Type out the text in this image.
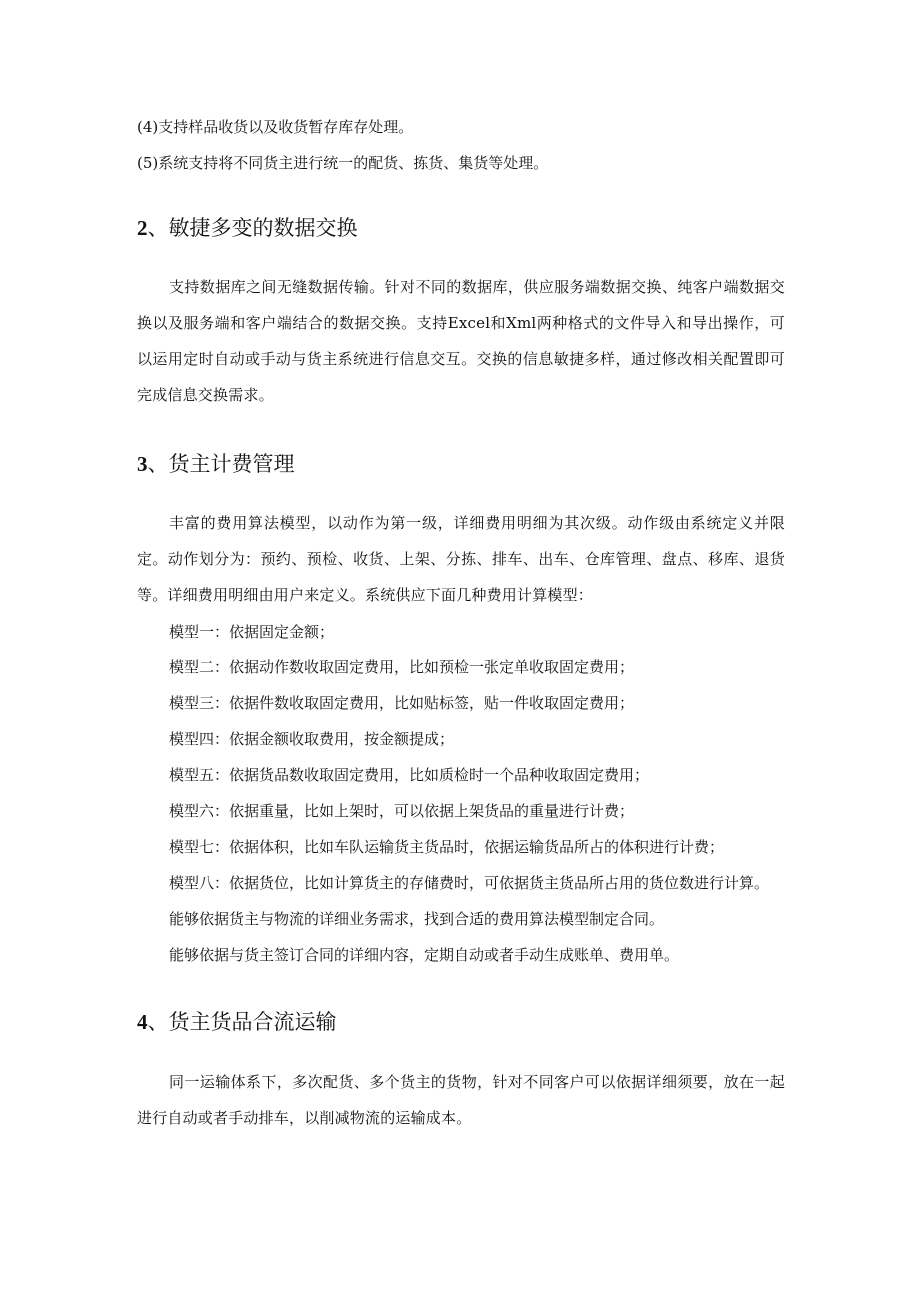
(4)支持样品收货以及收货暂存库存处理。
(5)系统支持将不同货主进行统一的配货、拣货、集货等处理。
2、敏捷多变的数据交换
支持数据库之间无缝数据传输。针对不同的数据库，供应服务端数据交换、纯客户端数据交换以及服务端和客户端结合的数据交换。支持Excel和Xml两种格式的文件导入和导出操作，可以运用定时自动或手动与货主系统进行信息交互。交换的信息敏捷多样，通过修改相关配置即可完成信息交换需求。
3、货主计费管理
丰富的费用算法模型，以动作为第一级，详细费用明细为其次级。动作级由系统定义并限定。动作划分为：预约、预检、收货、上架、分拣、排车、出车、仓库管理、盘点、移库、退货等。详细费用明细由用户来定义。系统供应下面几种费用计算模型：
模型一：依据固定金额；
模型二：依据动作数收取固定费用，比如预检一张定单收取固定费用；
模型三：依据件数收取固定费用，比如贴标签，贴一件收取固定费用；
模型四：依据金额收取费用，按金额提成；
模型五：依据货品数收取固定费用，比如质检时一个品种收取固定费用；
模型六：依据重量，比如上架时，可以依据上架货品的重量进行计费；
模型七：依据体积，比如车队运输货主货品时，依据运输货品所占的体积进行计费；
模型八：依据货位，比如计算货主的存储费时，可依据货主货品所占用的货位数进行计算。
能够依据货主与物流的详细业务需求，找到合适的费用算法模型制定合同。
能够依据与货主签订合同的详细内容，定期自动或者手动生成账单、费用单。
4、货主货品合流运输
同一运输体系下，多次配货、多个货主的货物，针对不同客户可以依据详细须要，放在一起进行自动或者手动排车，以削减物流的运输成本。
